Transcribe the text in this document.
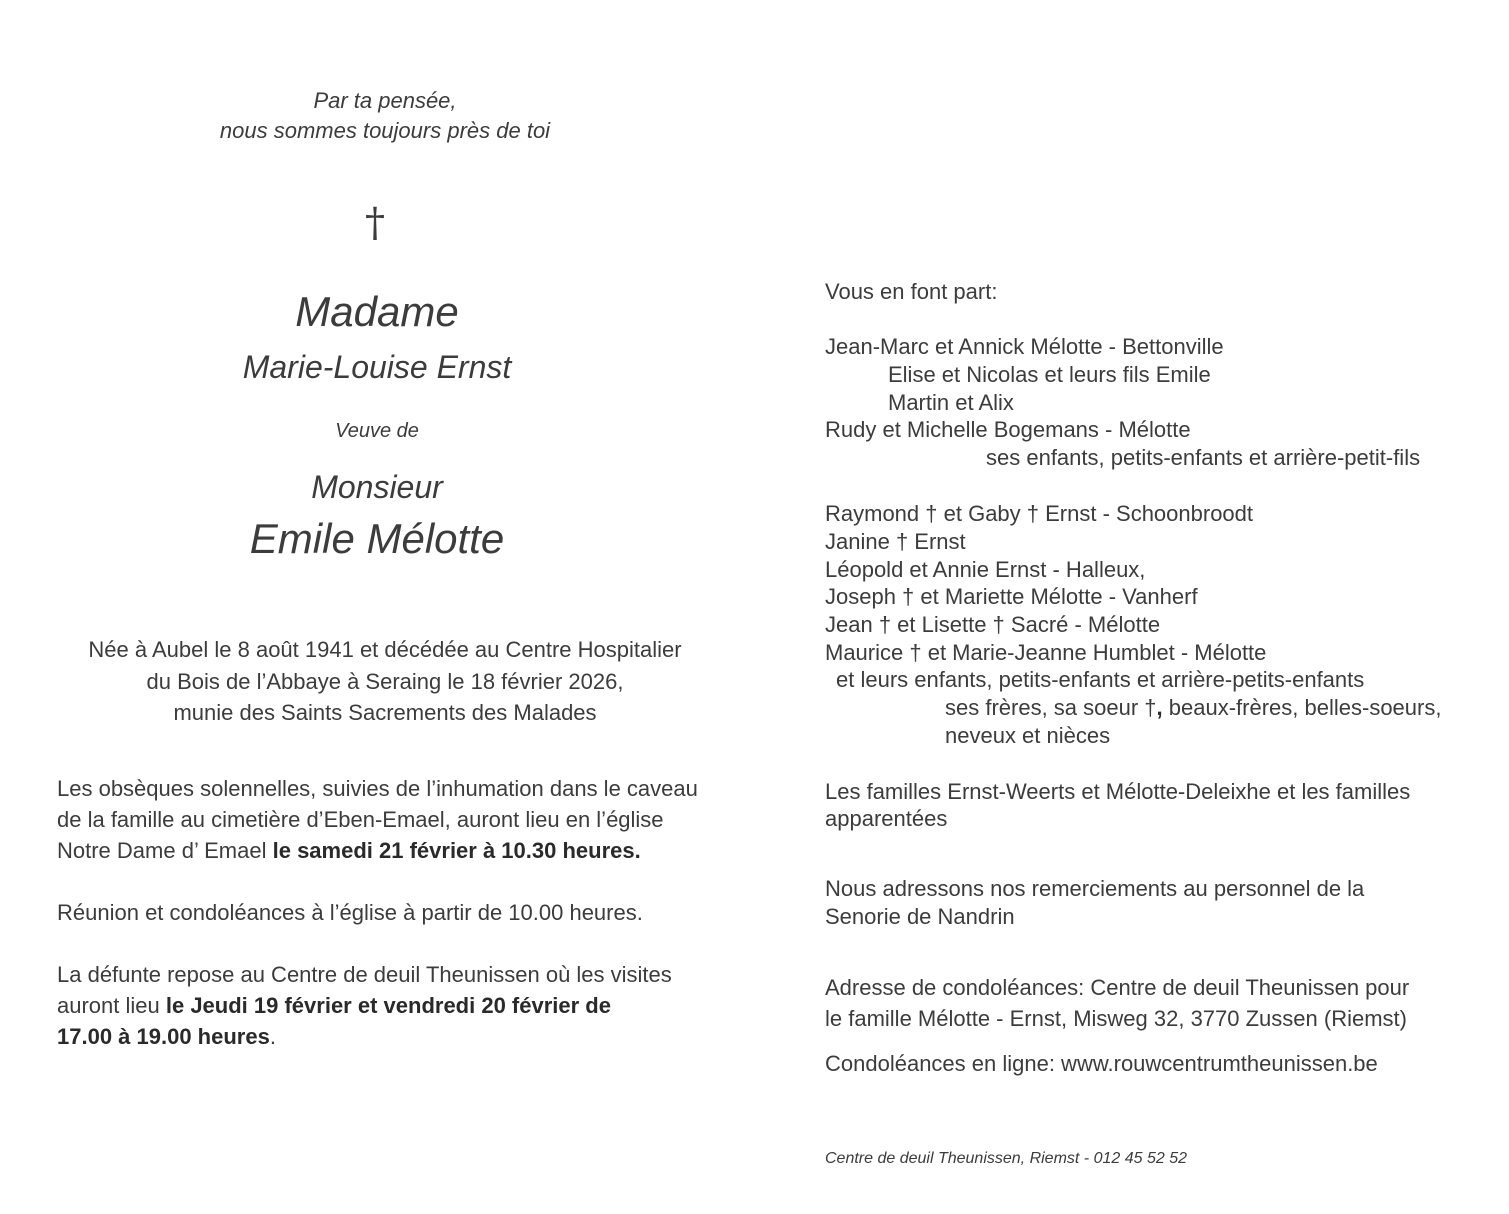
Par ta pensée,
nous sommes toujours près de toi
†
Madame
Marie-Louise Ernst
Veuve de
Monsieur
Emile Mélotte
Née à Aubel le 8 août 1941 et décédée au Centre Hospitalier
du Bois de l’Abbaye à Seraing le 18 février 2026,
munie des Saints Sacrements des Malades
Les obsèques solennelles, suivies de l’inhumation dans le caveau
de la famille au cimetière d’Eben-Emael, auront lieu en l’église
Notre Dame d’ Emael le samedi 21 février à 10.30 heures.
Réunion et condoléances à l’église à partir de 10.00 heures.
La défunte repose au Centre de deuil Theunissen où les visites
auront lieu le Jeudi 19 février et vendredi 20 février de
17.00 à 19.00 heures.
Vous en font part:
Jean-Marc et Annick Mélotte - Bettonville
Elise et Nicolas et leurs fils Emile
Martin et Alix
Rudy et Michelle Bogemans - Mélotte
ses enfants, petits-enfants et arrière-petit-fils
Raymond † et Gaby † Ernst - Schoonbroodt
Janine † Ernst
Léopold et Annie Ernst - Halleux,
Joseph † et Mariette Mélotte - Vanherf
Jean † et Lisette † Sacré - Mélotte
Maurice † et Marie-Jeanne Humblet - Mélotte
et leurs enfants, petits-enfants et arrière-petits-enfants
ses frères, sa soeur †, beaux-frères, belles-soeurs,
neveux et nièces
Les familles Ernst-Weerts et Mélotte-Deleixhe et les familles
apparentées
Nous adressons nos remerciements au personnel de la
Senorie de Nandrin
Adresse de condoléances: Centre de deuil Theunissen pour
le famille Mélotte - Ernst, Misweg 32, 3770 Zussen (Riemst)
Condoléances en ligne: www.rouwcentrumtheunissen.be
Centre de deuil Theunissen, Riemst - 012 45 52 52
